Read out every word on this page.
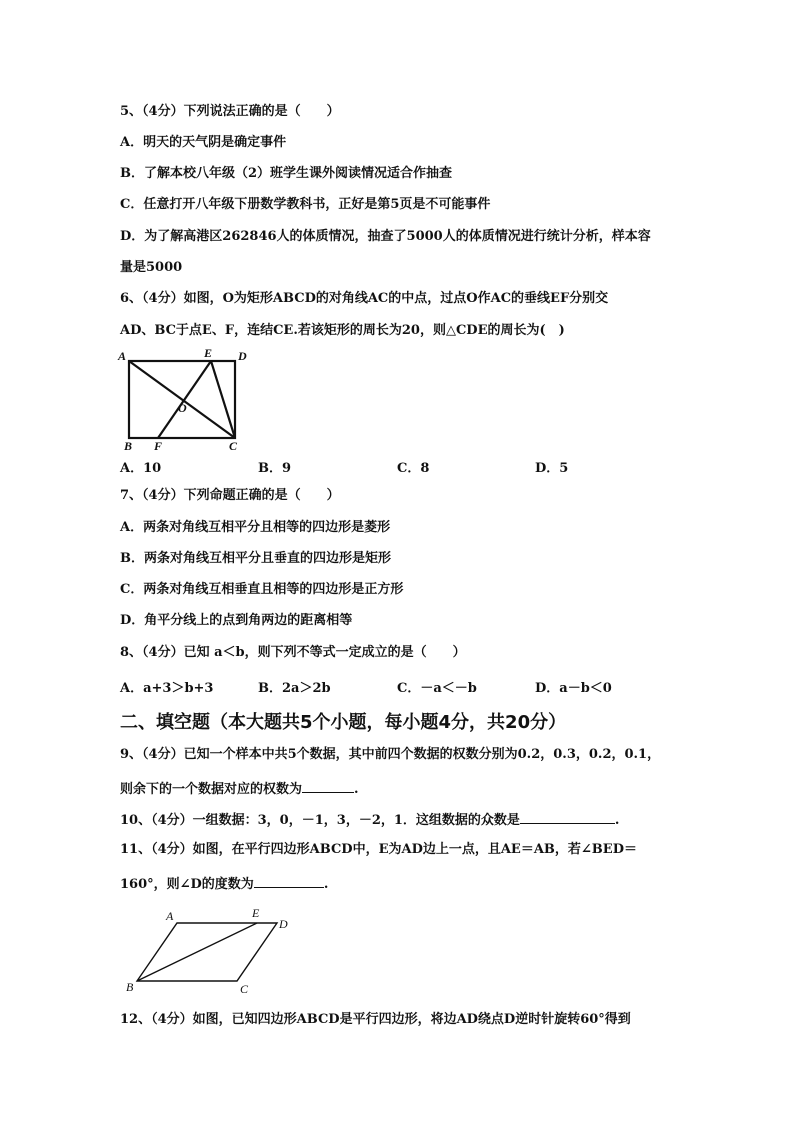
5、（4分）下列说法正确的是（　　）
A．明天的天气阴是确定事件
B．了解本校八年级（2）班学生课外阅读情况适合作抽查
C．任意打开八年级下册数学教科书，正好是第5页是不可能事件
D．为了解高港区262846人的体质情况，抽查了5000人的体质情况进行统计分析，样本容
量是5000
6、（4分）如图，O为矩形ABCD的对角线AC的中点，过点O作AC的垂线EF分别交
AD、BC于点E、F，连结CE.若该矩形的周长为20，则△CDE的周长为(　)
A	E D
O
B F	C
A．10	B．9	C．8	D．5
7、（4分）下列命题正确的是（　　）
A．两条对角线互相平分且相等的四边形是菱形
B．两条对角线互相平分且垂直的四边形是矩形
C．两条对角线互相垂直且相等的四边形是正方形
D．角平分线上的点到角两边的距离相等
8、（4分）已知 a＜b，则下列不等式一定成立的是（　　）
A．a+3＞b+3	B．2a＞2b	C．－a＜－b	D．a－b＜0
二、填空题（本大题共5个小题，每小题4分，共20分）
9、（4分）已知一个样本中共5个数据，其中前四个数据的权数分别为0.2，0.3，0.2，0.1，
则余下的一个数据对应的权数为	.
10、（4分）一组数据：3，0，－1，3，－2，1．这组数据的众数是	.
11、（4分）如图，在平行四边形ABCD中，E为AD边上一点，且AE＝AB，若∠BED＝
160°，则∠D的度数为	.
A	E
D
B	C
12、（4分）如图，已知四边形ABCD是平行四边形，将边AD绕点D逆时针旋转60°得到
